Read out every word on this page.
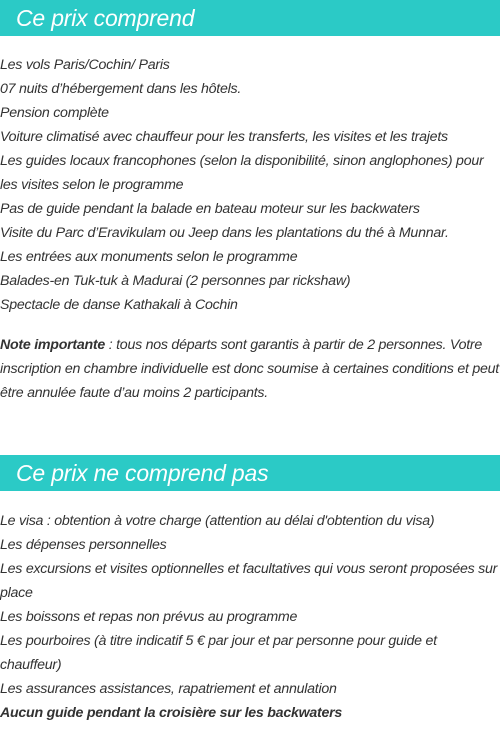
Ce prix comprend
Les vols Paris/Cochin/ Paris
07 nuits d’hébergement dans les hôtels.
Pension complète
Voiture climatisé avec chauffeur pour les transferts, les visites et les trajets
Les guides locaux francophones (selon la disponibilité, sinon anglophones) pour les visites selon le programme
Pas de guide pendant la balade en bateau moteur sur les backwaters
Visite du Parc d’Eravikulam ou Jeep dans les plantations du thé à Munnar.
Les entrées aux monuments selon le programme
Balades-en Tuk-tuk à Madurai (2 personnes par rickshaw)
Spectacle de danse Kathakali à Cochin

Note importante : tous nos départs sont garantis à partir de 2 personnes. Votre inscription en chambre individuelle est donc soumise à certaines conditions et peut être annulée faute d’au moins 2 participants.

Ce prix ne comprend pas
Le visa : obtention à votre charge (attention au délai d'obtention du visa)
Les dépenses personnelles
Les excursions et visites optionnelles et facultatives qui vous seront proposées sur place
Les boissons et repas non prévus au programme
Les pourboires (à titre indicatif 5 € par jour et par personne pour guide et chauffeur)
Les assurances assistances, rapatriement et annulation
Aucun guide pendant la croisière sur les backwaters
